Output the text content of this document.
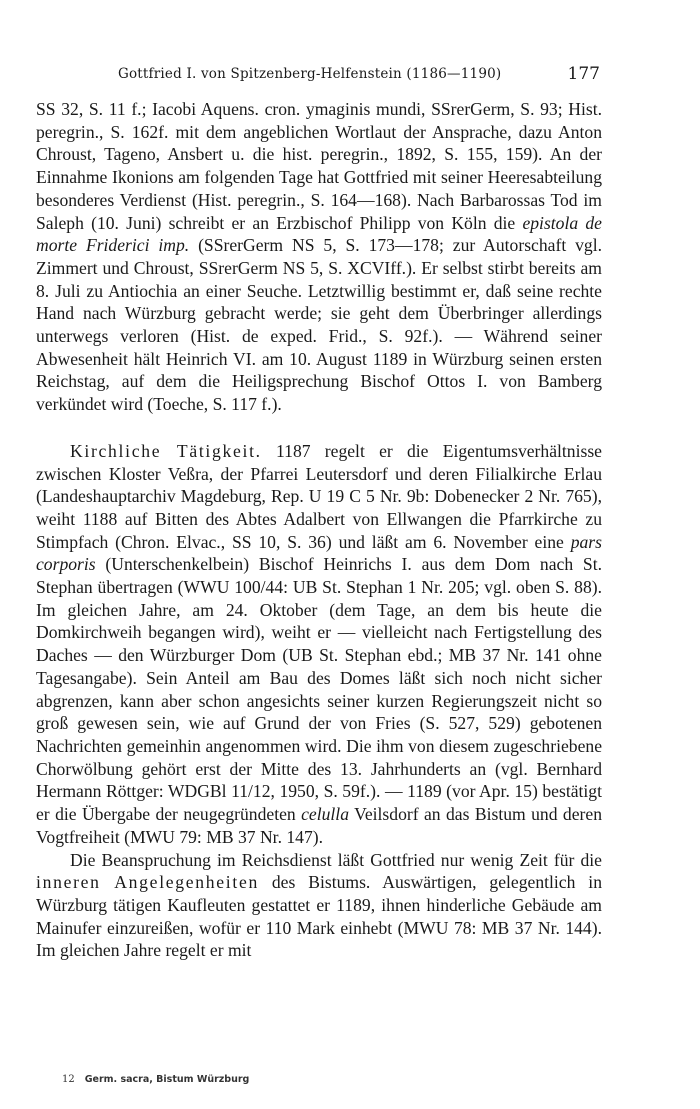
Gottfried I. von Spitzenberg-Helfenstein (1186—1190)	177

SS 32, S. 11 f.; Iacobi Aquens. cron. ymaginis mundi, SSrerGerm, S. 93; Hist. peregrin., S. 162f. mit dem angeblichen Wortlaut der Ansprache, dazu Anton Chroust, Tageno, Ansbert u. die hist. peregrin., 1892, S. 155, 159). An der Einnahme Ikonions am folgenden Tage hat Gottfried mit seiner Heeresabteilung besonderes Verdienst (Hist. peregrin., S. 164—168). Nach Barbarossas Tod im Saleph (10. Juni) schreibt er an Erzbischof Philipp von Köln die epistola de morte Friderici imp. (SSrerGerm NS 5, S. 173—178; zur Autorschaft vgl. Zimmert und Chroust, SSrerGerm NS 5, S. XCVIff.). Er selbst stirbt bereits am 8. Juli zu Antiochia an einer Seuche. Letztwillig bestimmt er, daß seine rechte Hand nach Würzburg gebracht werde; sie geht dem Überbringer allerdings unterwegs verloren (Hist. de exped. Frid., S. 92f.). — Während seiner Abwesenheit hält Heinrich VI. am 10. August 1189 in Würzburg seinen ersten Reichstag, auf dem die Heiligsprechung Bischof Ottos I. von Bamberg verkündet wird (Toeche, S. 117 f.).

Kirchliche Tätigkeit. 1187 regelt er die Eigentumsverhältnisse zwischen Kloster Veßra, der Pfarrei Leutersdorf und deren Filialkirche Erlau (Landeshauptarchiv Magdeburg, Rep. U 19 C 5 Nr. 9b: Dobenecker 2 Nr. 765), weiht 1188 auf Bitten des Abtes Adalbert von Ellwangen die Pfarrkirche zu Stimpfach (Chron. Elvac., SS 10, S. 36) und läßt am 6. November eine pars corporis (Unterschenkelbein) Bischof Heinrichs I. aus dem Dom nach St. Stephan übertragen (WWU 100/44: UB St. Stephan 1 Nr. 205; vgl. oben S. 88). Im gleichen Jahre, am 24. Oktober (dem Tage, an dem bis heute die Domkirchweih begangen wird), weiht er — vielleicht nach Fertigstellung des Daches — den Würzburger Dom (UB St. Stephan ebd.; MB 37 Nr. 141 ohne Tagesangabe). Sein Anteil am Bau des Domes läßt sich noch nicht sicher abgrenzen, kann aber schon angesichts seiner kurzen Regierungszeit nicht so groß gewesen sein, wie auf Grund der von Fries (S. 527, 529) gebotenen Nachrichten gemeinhin angenommen wird. Die ihm von diesem zugeschriebene Chorwölbung gehört erst der Mitte des 13. Jahrhunderts an (vgl. Bernhard Hermann Röttger: WDGBl 11/12, 1950, S. 59f.). — 1189 (vor Apr. 15) bestätigt er die Übergabe der neugegründeten celulla Veilsdorf an das Bistum und deren Vogtfreiheit (MWU 79: MB 37 Nr. 147).

Die Beanspruchung im Reichsdienst läßt Gottfried nur wenig Zeit für die inneren Angelegenheiten des Bistums. Auswärtigen, gelegentlich in Würzburg tätigen Kaufleuten gestattet er 1189, ihnen hinderliche Gebäude am Mainufer einzureißen, wofür er 110 Mark einhebt (MWU 78: MB 37 Nr. 144). Im gleichen Jahre regelt er mit

12 Germ. sacra, Bistum Würzburg
